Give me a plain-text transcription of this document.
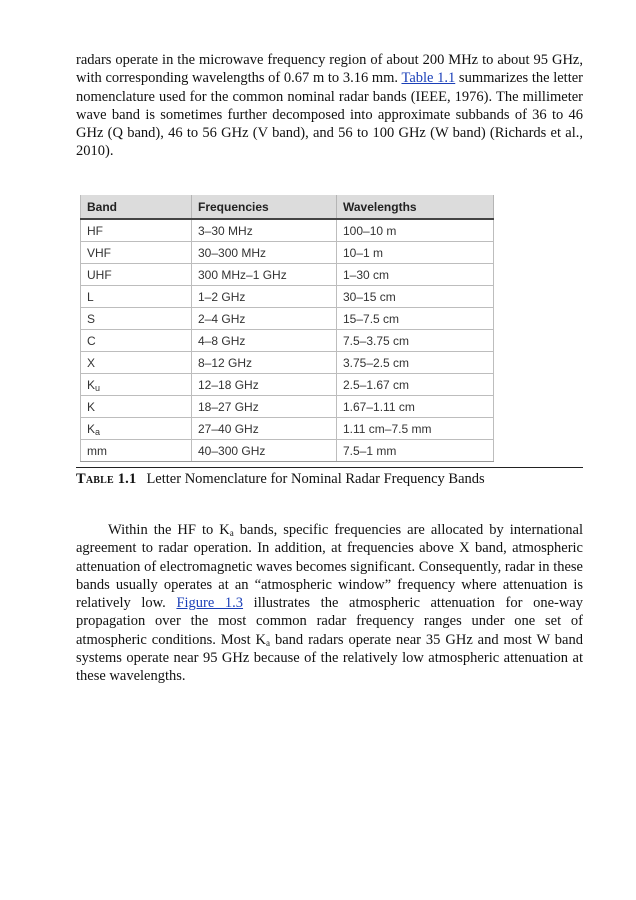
radars operate in the microwave frequency region of about 200 MHz to about 95 GHz, with corresponding wavelengths of 0.67 m to 3.16 mm. Table 1.1 summarizes the letter nomenclature used for the common nominal radar bands (IEEE, 1976). The millimeter wave band is sometimes further decomposed into approximate subbands of 36 to 46 GHz (Q band), 46 to 56 GHz (V band), and 56 to 100 GHz (W band) (Richards et al., 2010).

Band	Frequencies	Wavelengths
HF	3–30 MHz	100–10 m
VHF	30–300 MHz	10–1 m
UHF	300 MHz–1 GHz	1–30 cm
L	1–2 GHz	30–15 cm
S	2–4 GHz	15–7.5 cm
C	4–8 GHz	7.5–3.75 cm
X	8–12 GHz	3.75–2.5 cm
$K_u$	12–18 GHz	2.5–1.67 cm
K	18–27 GHz	1.67–1.11 cm
$K_a$	27–40 GHz	1.11 cm–7.5 mm
mm	40–300 GHz	7.5–1 mm

Table 1.1 Letter Nomenclature for Nominal Radar Frequency Bands

Within the HF to $K_a$ bands, specific frequencies are allocated by international agreement to radar operation. In addition, at frequencies above X band, atmospheric attenuation of electromagnetic waves becomes significant. Consequently, radar in these bands usually operates at an “atmospheric window” frequency where attenuation is relatively low. Figure 1.3 illustrates the atmospheric attenuation for one-way propagation over the most common radar frequency ranges under one set of atmospheric conditions. Most $K_a$ band radars operate near 35 GHz and most W band systems operate near 95 GHz because of the relatively low atmospheric attenuation at these wavelengths.
